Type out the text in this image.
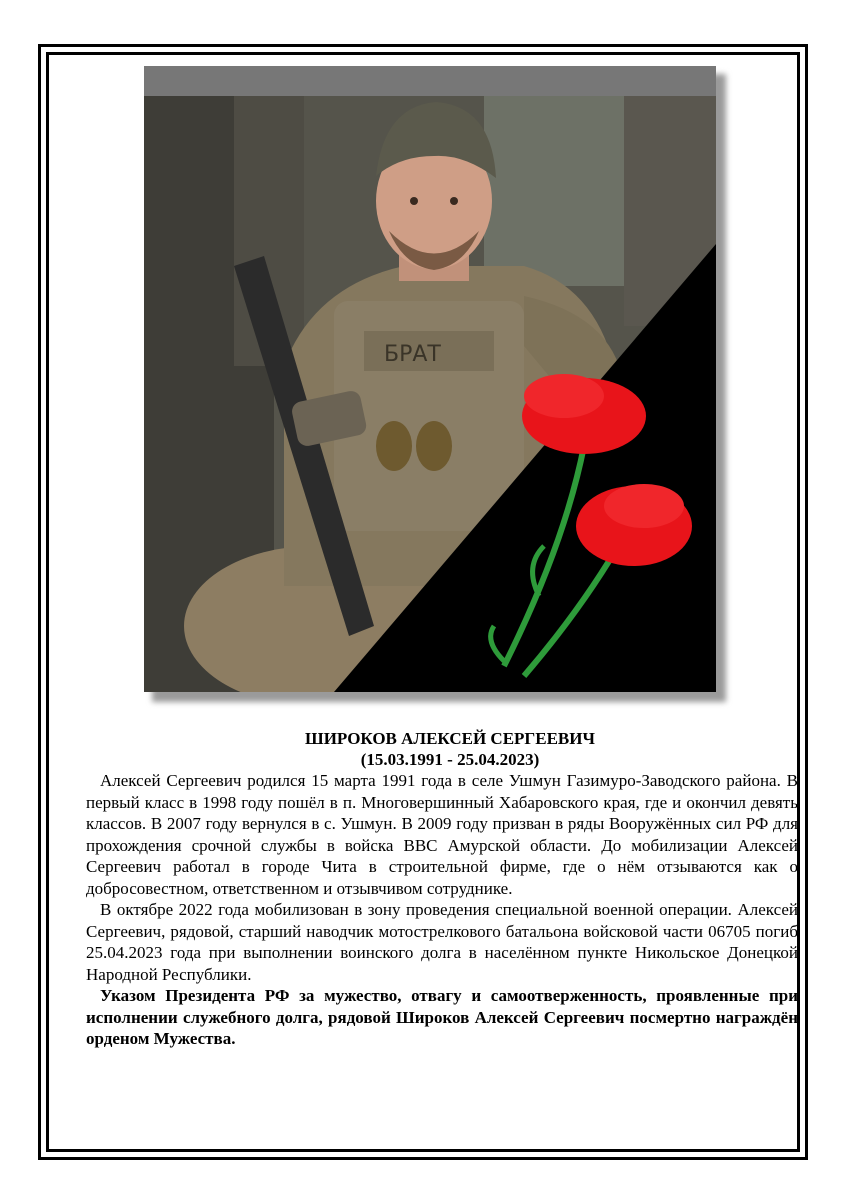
БРАТ
ШИРОКОВ АЛЕКСЕЙ СЕРГЕЕВИЧ
(15.03.1991 - 25.04.2023)

Алексей Сергеевич родился 15 марта 1991 года в селе Ушмун Газимуро-Заводского района. В первый класс в 1998 году пошёл в п. Многовершинный Хабаровского края, где и окончил девять классов. В 2007 году вернулся в с. Ушмун. В 2009 году призван в ряды Вооружённых сил РФ для прохождения срочной службы в войска ВВС Амурской области. До мобилизации Алексей Сергеевич работал в городе Чита в строительной фирме, где о нём отзываются как о добросовестном, ответственном и отзывчивом сотруднике.

В октябре 2022 года мобилизован в зону проведения специальной военной операции. Алексей Сергеевич, рядовой, старший наводчик мотострелкового батальона войсковой части 06705 погиб 25.04.2023 года при выполнении воинского долга в населённом пункте Никольское Донецкой Народной Республики.

Указом Президента РФ за мужество, отвагу и самоотверженность, проявленные при исполнении служебного долга, рядовой Широков Алексей Сергеевич посмертно награждён орденом Мужества.
